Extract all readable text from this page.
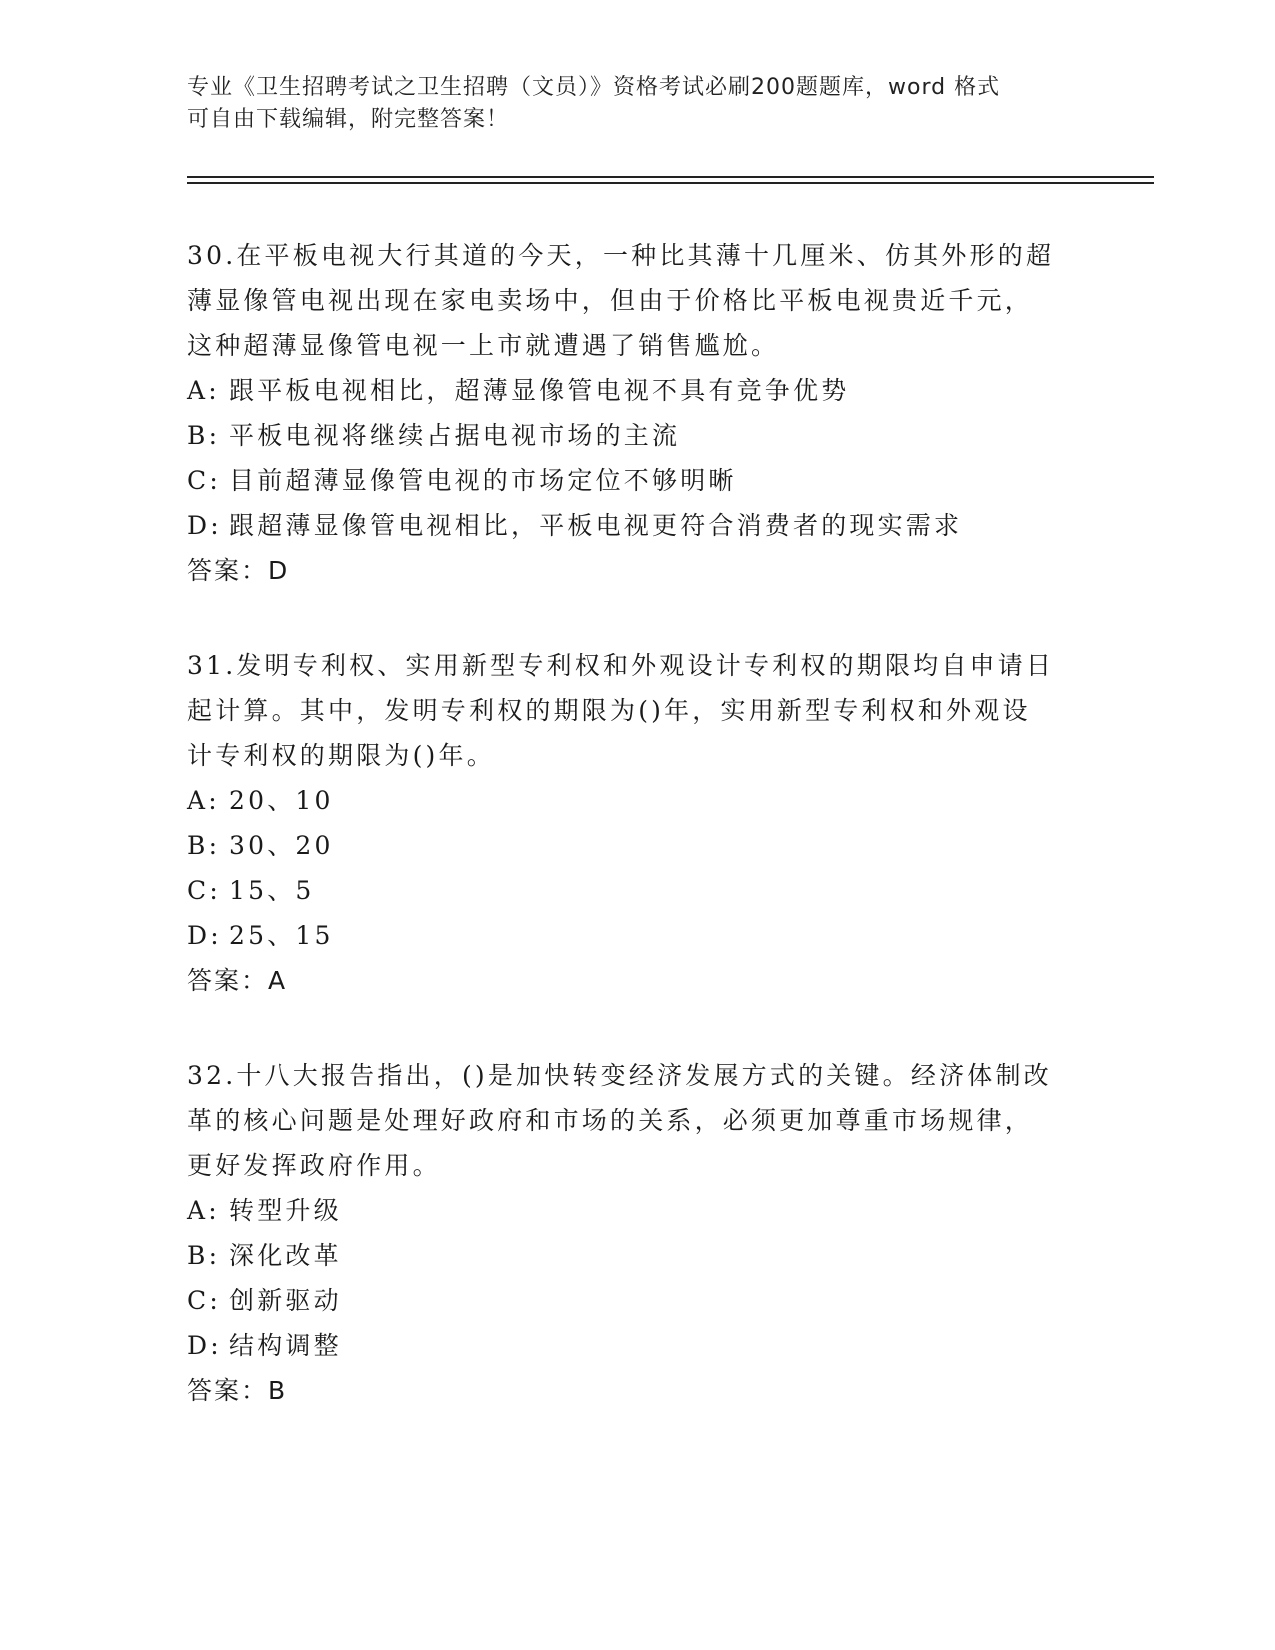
专业《卫生招聘考试之卫生招聘（文员）》资格考试必刷200题题库，word 格式
可自由下载编辑，附完整答案！
30.在平板电视大行其道的今天，一种比其薄十几厘米、仿其外形的超
薄显像管电视出现在家电卖场中，但由于价格比平板电视贵近千元，
这种超薄显像管电视一上市就遭遇了销售尴尬。
A: 跟平板电视相比，超薄显像管电视不具有竞争优势
B: 平板电视将继续占据电视市场的主流
C: 目前超薄显像管电视的市场定位不够明晰
D: 跟超薄显像管电视相比，平板电视更符合消费者的现实需求
答案：D
31.发明专利权、实用新型专利权和外观设计专利权的期限均自申请日
起计算。其中，发明专利权的期限为()年，实用新型专利权和外观设
计专利权的期限为()年。
A: 20、10
B: 30、20
C: 15、5
D: 25、15
答案：A
32.十八大报告指出，()是加快转变经济发展方式的关键。经济体制改
革的核心问题是处理好政府和市场的关系，必须更加尊重市场规律，
更好发挥政府作用。
A: 转型升级
B: 深化改革
C: 创新驱动
D: 结构调整
答案：B
